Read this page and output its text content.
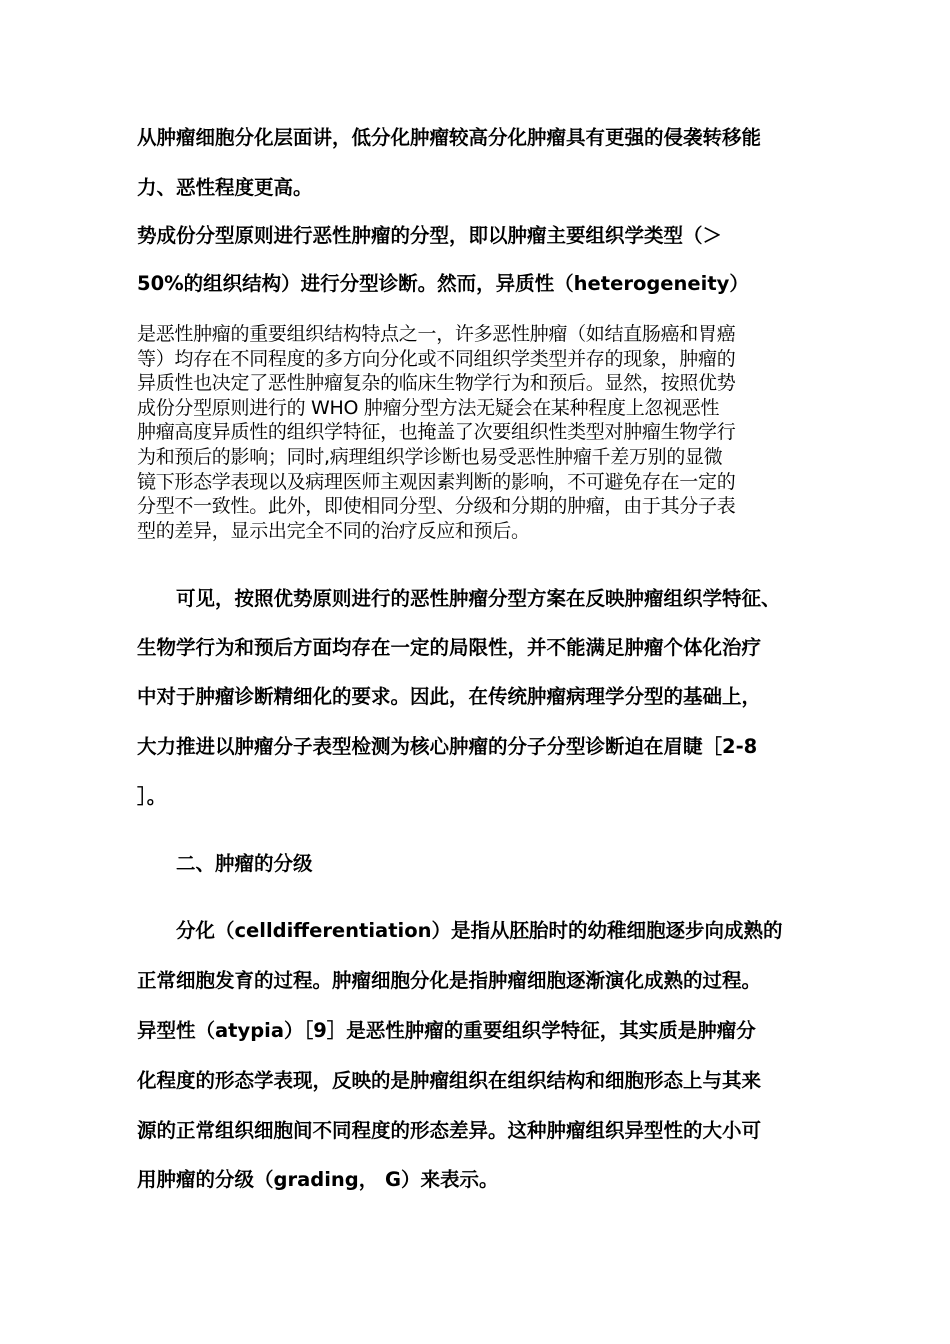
从肿瘤细胞分化层面讲，低分化肿瘤较高分化肿瘤具有更强的侵袭转移能
力、恶性程度更高。
势成份分型原则进行恶性肿瘤的分型，即以肿瘤主要组织学类型（＞
50%的组织结构）进行分型诊断。然而，异质性（heterogeneity）
是恶性肿瘤的重要组织结构特点之一，许多恶性肿瘤（如结直肠癌和胃癌
等）均存在不同程度的多方向分化或不同组织学类型并存的现象，肿瘤的
异质性也决定了恶性肿瘤复杂的临床生物学行为和预后。显然，按照优势
成份分型原则进行的 WHO 肿瘤分型方法无疑会在某种程度上忽视恶性
肿瘤高度异质性的组织学特征，也掩盖了次要组织性类型对肿瘤生物学行
为和预后的影响；同时,病理组织学诊断也易受恶性肿瘤千差万别的显微
镜下形态学表现以及病理医师主观因素判断的影响，不可避免存在一定的
分型不一致性。此外，即使相同分型、分级和分期的肿瘤，由于其分子表
型的差异，显示出完全不同的治疗反应和预后。
可见，按照优势原则进行的恶性肿瘤分型方案在反映肿瘤组织学特征、
生物学行为和预后方面均存在一定的局限性，并不能满足肿瘤个体化治疗
中对于肿瘤诊断精细化的要求。因此，在传统肿瘤病理学分型的基础上，
大力推进以肿瘤分子表型检测为核心肿瘤的分子分型诊断迫在眉睫［2-8
］。
二、肿瘤的分级
分化（celldifferentiation）是指从胚胎时的幼稚细胞逐步向成熟的
正常细胞发育的过程。肿瘤细胞分化是指肿瘤细胞逐渐演化成熟的过程。
异型性（atypia）［9］是恶性肿瘤的重要组织学特征，其实质是肿瘤分
化程度的形态学表现，反映的是肿瘤组织在组织结构和细胞形态上与其来
源的正常组织细胞间不同程度的形态差异。这种肿瘤组织异型性的大小可
用肿瘤的分级（grading， G）来表示。
